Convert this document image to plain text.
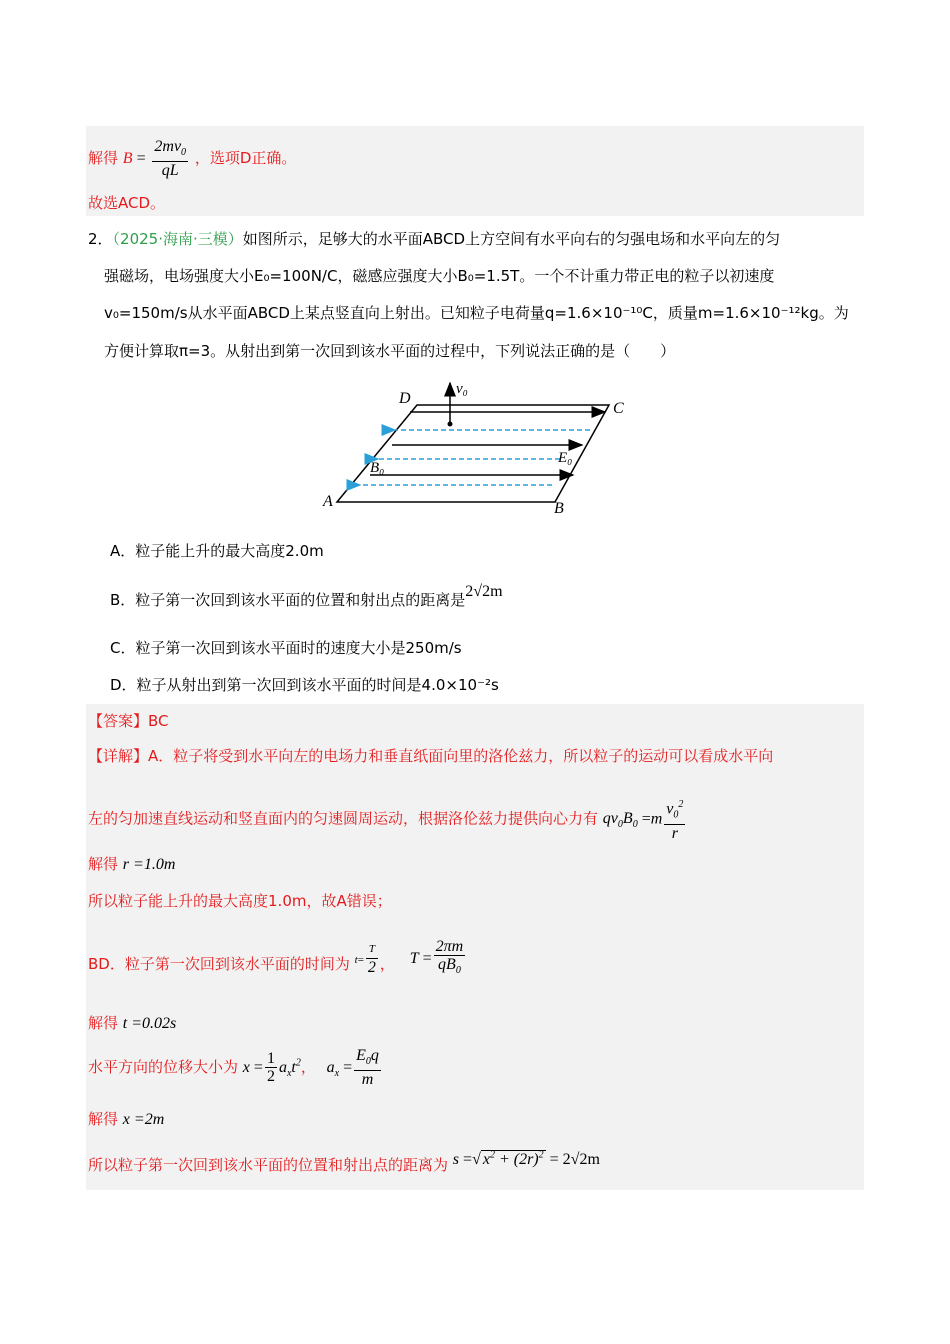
解得 $B = \frac{2mv_0}{qL}$ ，选项D正确。
故选ACD。
2．（2025·海南·三模）如图所示，足够大的水平面ABCD上方空间有水平向右的匀强电场和水平向左的匀
强磁场，电场强度大小E₀=100N/C，磁感应强度大小B₀=1.5T。一个不计重力带正电的粒子以初速度
v₀=150m/s从水平面ABCD上某点竖直向上射出。已知粒子电荷量q=1.6×10⁻¹⁰C，质量m=1.6×10⁻¹²kg。为
方便计算取π=3。从射出到第一次回到该水平面的过程中，下列说法正确的是（　　）
D
C
A	B
v₀
E₀
B₀
A．粒子能上升的最大高度2.0m
B．粒子第一次回到该水平面的位置和射出点的距离是2√2m
C．粒子第一次回到该水平面时的速度大小是250m/s
D．粒子从射出到第一次回到该水平面的时间是4.0×10⁻²s
【答案】BC
【详解】A．粒子将受到水平向左的电场力和垂直纸面向里的洛伦兹力，所以粒子的运动可以看成水平向
左的匀加速直线运动和竖直面内的匀速圆周运动，根据洛伦兹力提供向心力有 $qv_0B_0 =m \frac{v_0^2}{r}$
解得 r =1.0m
所以粒子能上升的最大高度1.0m，故A错误；
BD．粒子第一次回到该水平面的时间为 $t= \frac{T}{2}$ ， $T = \frac{2\pi m}{qB_0}$
解得 t =0.02s
水平方向的位移大小为 $x = \frac{1}{2} a_xt^2$， $a_x = \frac{E_0q}{m}$
解得 x =2m
所以粒子第一次回到该水平面的位置和射出点的距离为 s =√ $x^2 + (2r)^2 = 2√2m$
